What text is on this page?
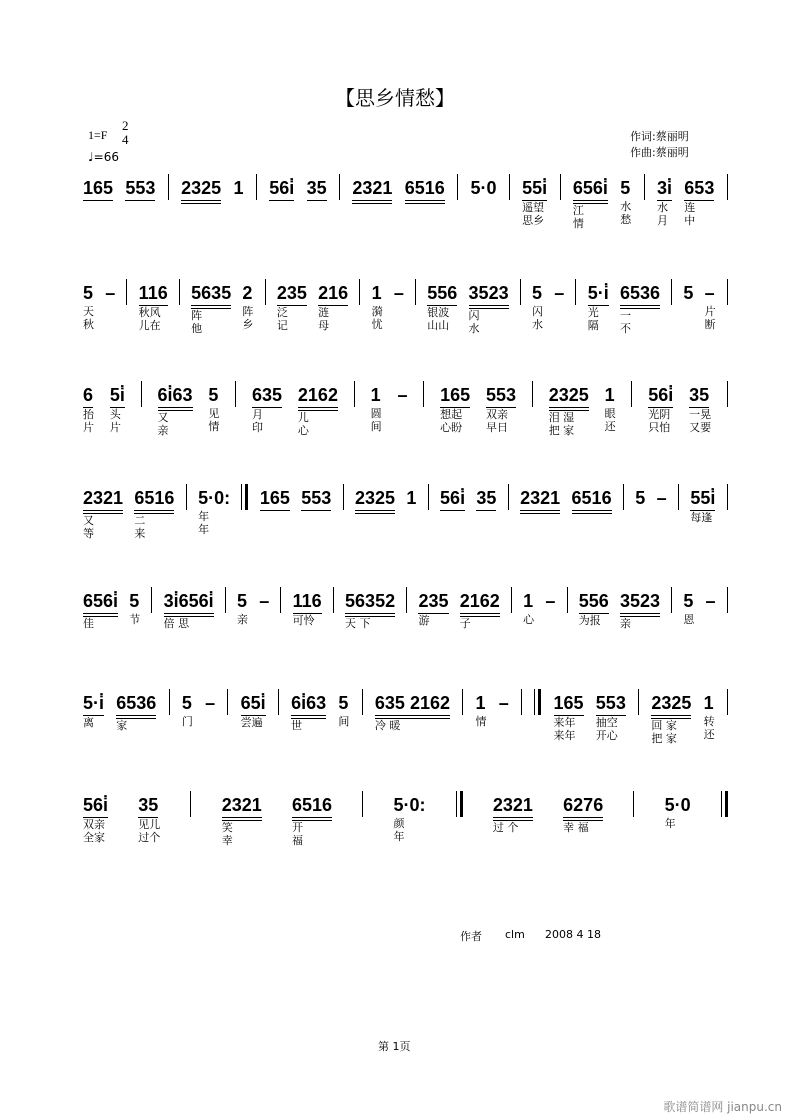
【思乡情愁】
1=F
2
4
♩=66
作词:蔡丽明
作曲:蔡丽明
165 553 2325 1 56i̇ 35 2321 6516 5·0 55i̇
遥望
思乡
656i̇
江
情
5
水
愁
3i̇
水
月
653
连
中
5
天
秋
– 116
秋风
儿在
5635
阵
他
2
阵
乡
235
泛
记
216
涟
母
1
漪
忧
– 556
银波
山山
3523
闪
水
5
闪
水
– 5·i̇
光
隔
6536
一
不
5 –
片
断
6
抬
片
5i̇
头
片
6i̇63
又
亲
5
见
情
635
月
印
2162
儿
心
1
圆
间
– 165
想起
心盼
553
双亲
早日
2325
泪 湿
把 家
1
眼
还
56i̇
光阴
只怕
35
一晃
又要
2321
又
等
6516
二
来
5·0:
年
年
165 553 2325 1 56i̇ 35 2321 6516 5 – 55i̇
每逢
656i̇
佳
5
节
3i̇656i̇
倍 思
5
亲
– 116
可怜
56352
天 下
235
游
2162
子
1
心
– 556
为报
3523
亲
5
恩
–
5·i̇
离
6536
家
5
门
– 65i̇
尝遍
6i̇63
世
5
间
635 2162
冷 暖
1
情
– 165
来年
来年
553
抽空
开心
2325
回 家
把 家
1
转
还
56i̇
双亲
全家
35
见儿
过个
2321
笑
幸
6516
开
福
5·0:
颜
年
2321
过 个
6276
幸 福
5·0
年
作者 clm 2008 4 18
第 1页
歌谱简谱网 jianpu.cn
